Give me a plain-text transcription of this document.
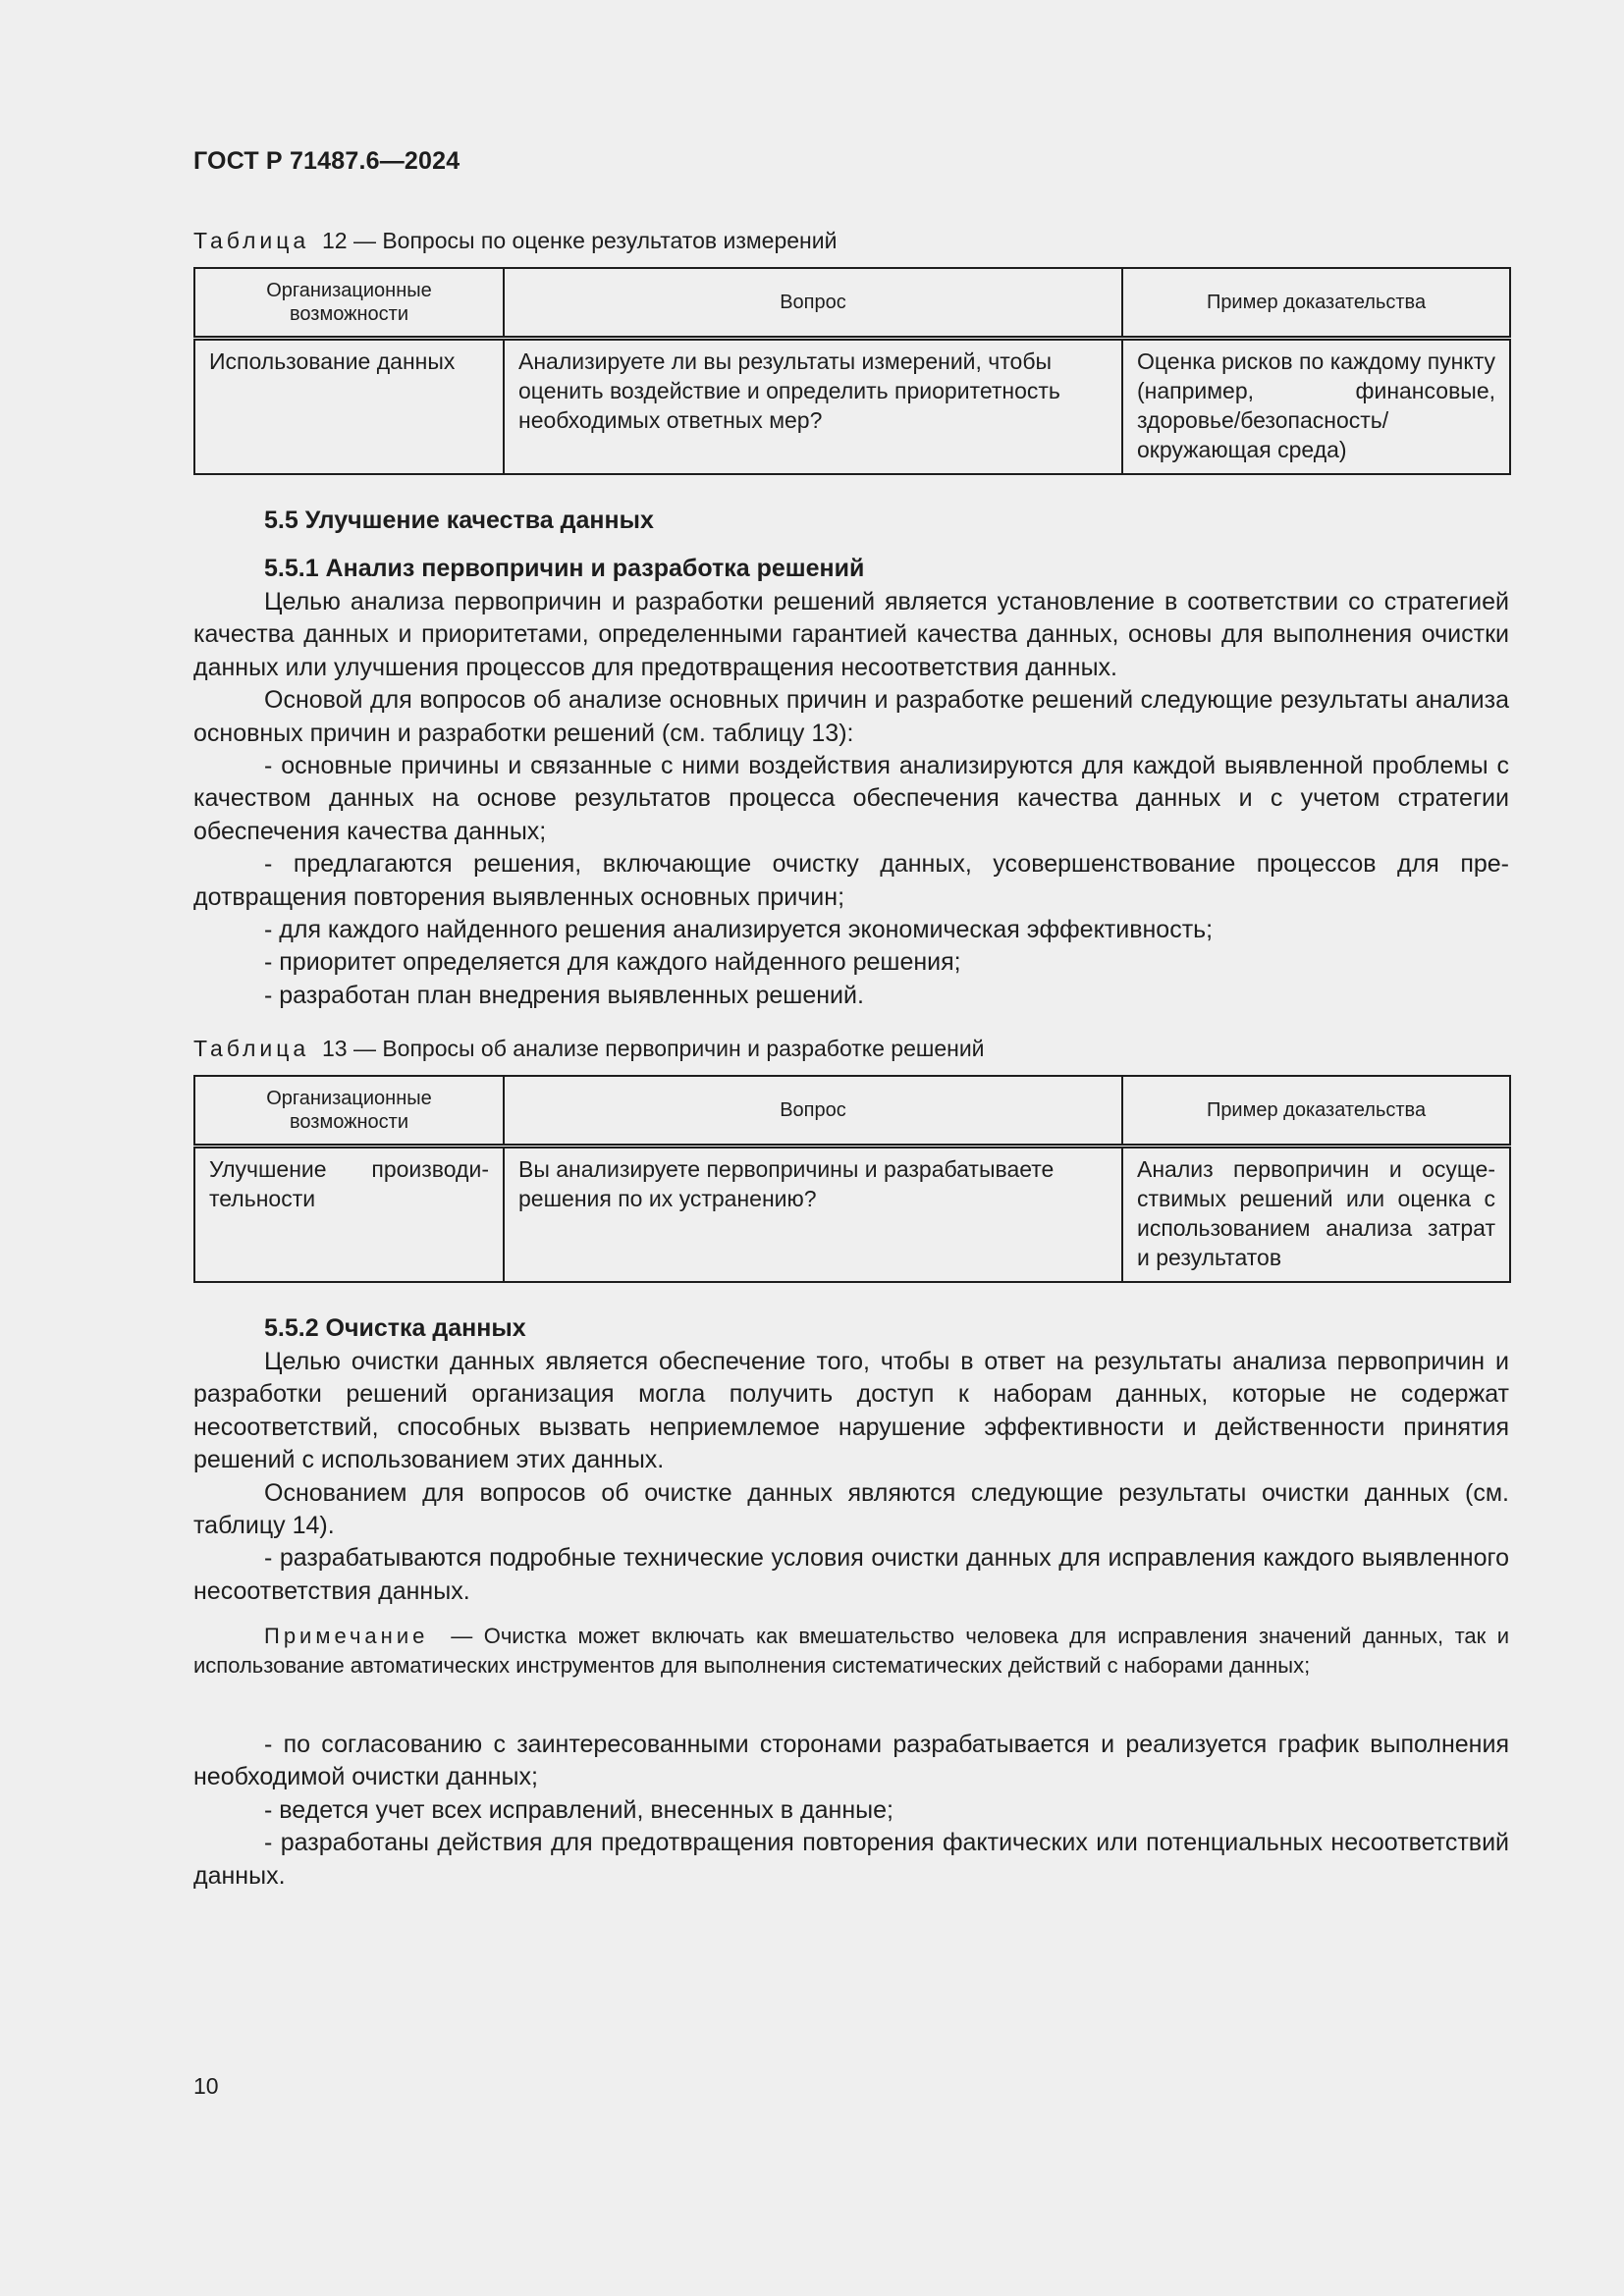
ГОСТ Р 71487.6—2024
Таблица 12 — Вопросы по оценке результатов измерений
Организационные возможности	Вопрос	Пример доказательства
Использование данных	Анализируете ли вы результаты измерений, чтобы оценить воздействие и определить приоритетность необходимых ответных мер?	Оценка рисков по каждому пункту (например, финансовые, здоровье/безопасность/окружающая среда)
5.5 Улучшение качества данных
5.5.1 Анализ первопричин и разработка решений

Целью анализа первопричин и разработки решений является установление в соответствии со стратегией качества данных и приоритетами, определенными гарантией качества данных, основы для выполнения очистки данных или улучшения процессов для предотвращения несоответствия данных.

Основой для вопросов об анализе основных причин и разработке решений следующие результаты анализа основных причин и разработки решений (см. таблицу 13):

- основные причины и связанные с ними воздействия анализируются для каждой выявленной проблемы с качеством данных на основе результатов процесса обеспечения качества данных и с учетом стратегии обеспечения качества данных;

- предлагаются решения, включающие очистку данных, усовершенствование процессов для предотвращения повторения выявленных основных причин;

- для каждого найденного решения анализируется экономическая эффективность;

- приоритет определяется для каждого найденного решения;

- разработан план внедрения выявленных решений.

Таблица 13 — Вопросы об анализе первопричин и разработке решений
Организационные возможности	Вопрос	Пример доказательства
Улучшение производительности	Вы анализируете первопричины и разрабатываете решения по их устранению?	Анализ первопричин и осуществимых решений или оценка с использованием анализа затрат и результатов
5.5.2 Очистка данных

Целью очистки данных является обеспечение того, чтобы в ответ на результаты анализа первопричин и разработки решений организация могла получить доступ к наборам данных, которые не содержат несоответствий, способных вызвать неприемлемое нарушение эффективности и действенности принятия решений с использованием этих данных.

Основанием для вопросов об очистке данных являются следующие результаты очистки данных (см. таблицу 14).

- разрабатываются подробные технические условия очистки данных для исправления каждого выявленного несоответствия данных.

Примечание — Очистка может включать как вмешательство человека для исправления значений данных, так и использование автоматических инструментов для выполнения систематических действий с наборами данных;

- по согласованию с заинтересованными сторонами разрабатывается и реализуется график выполнения необходимой очистки данных;

- ведется учет всех исправлений, внесенных в данные;

- разработаны действия для предотвращения повторения фактических или потенциальных несоответствий данных.

10
